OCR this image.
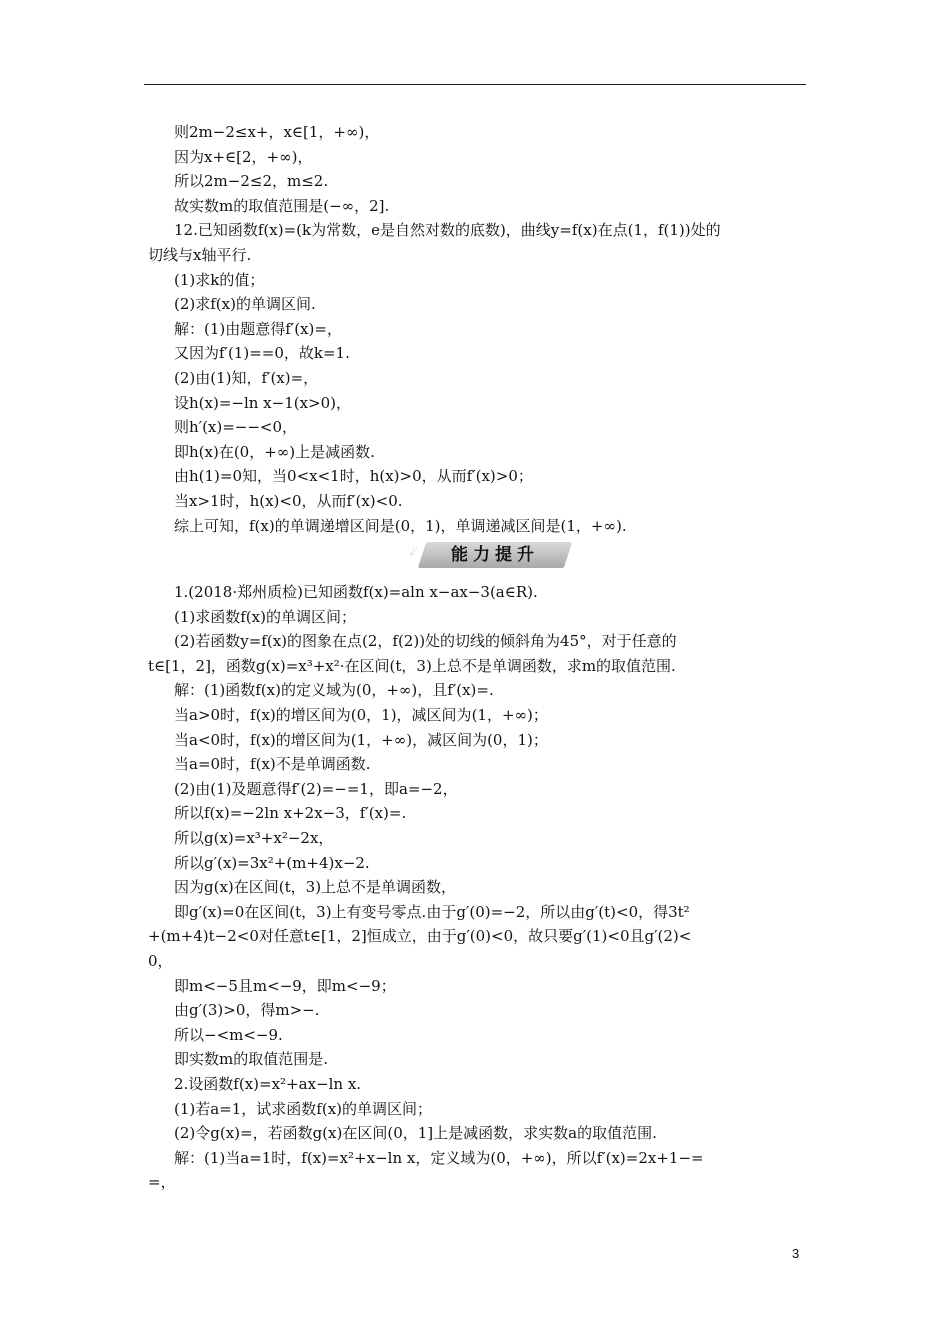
则2m−2≤x+，x∈[1，+∞)，
因为x+∈[2，+∞)，
所以2m−2≤2，m≤2.
故实数m的取值范围是(−∞，2].
12.已知函数f(x)=(k为常数，e是自然对数的底数)，曲线y=f(x)在点(1，f(1))处的
切线与x轴平行.
(1)求k的值；
(2)求f(x)的单调区间.
解：(1)由题意得f′(x)=，
又因为f′(1)==0，故k=1.
(2)由(1)知，f′(x)=，
设h(x)=−ln x−1(x>0)，
则h′(x)=−−<0，
即h(x)在(0，+∞)上是减函数.
由h(1)=0知，当0<x<1时，h(x)>0，从而f′(x)>0；
当x>1时，h(x)<0，从而f′(x)<0.
综上可知，f(x)的单调递增区间是(0，1)，单调递减区间是(1，+∞).
☄	能力提升
1.(2018·郑州质检)已知函数f(x)=aln x−ax−3(a∈R).
(1)求函数f(x)的单调区间；
(2)若函数y=f(x)的图象在点(2，f(2))处的切线的倾斜角为45°，对于任意的
t∈[1，2]，函数g(x)=x³+x²·在区间(t，3)上总不是单调函数，求m的取值范围.
解：(1)函数f(x)的定义域为(0，+∞)，且f′(x)=.
当a>0时，f(x)的增区间为(0，1)，减区间为(1，+∞)；
当a<0时，f(x)的增区间为(1，+∞)，减区间为(0，1)；
当a=0时，f(x)不是单调函数.
(2)由(1)及题意得f′(2)=−=1，即a=−2，
所以f(x)=−2ln x+2x−3，f′(x)=.
所以g(x)=x³+x²−2x，
所以g′(x)=3x²+(m+4)x−2.
因为g(x)在区间(t，3)上总不是单调函数，
即g′(x)=0在区间(t，3)上有变号零点.由于g′(0)=−2，所以由g′(t)<0，得3t²
+(m+4)t−2<0对任意t∈[1，2]恒成立，由于g′(0)<0，故只要g′(1)<0且g′(2)<
0，
即m<−5且m<−9，即m<−9；
由g′(3)>0，得m>−.
所以−<m<−9.
即实数m的取值范围是.
2.设函数f(x)=x²+ax−ln x.
(1)若a=1，试求函数f(x)的单调区间；
(2)令g(x)=，若函数g(x)在区间(0，1]上是减函数，求实数a的取值范围.
解：(1)当a=1时，f(x)=x²+x−ln x，定义域为(0，+∞)，所以f′(x)=2x+1−=
=，
3
